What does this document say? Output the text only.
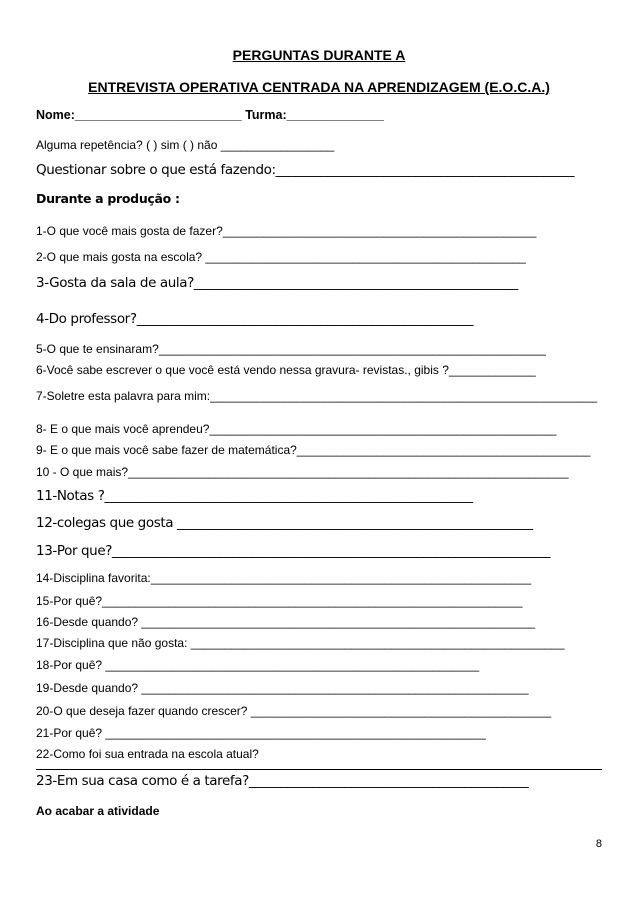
PERGUNTAS DURANTE A
ENTREVISTA OPERATIVA CENTRADA NA APRENDIZAGEM (E.O.C.A.)
Nome:________________________ Turma:______________
Alguma repetência? ( ) sim ( ) não _________________
Questionar sobre o que está fazendo:_______________________________________________
Durante a produção :
1-O que você mais gosta de fazer?_______________________________________________
2-O que mais gosta na escola? ________________________________________________
3-Gosta da sala de aula?___________________________________________________
4-Do professor?_____________________________________________________
5-O que te ensinaram?__________________________________________________________
6-Você sabe escrever o que você está vendo nessa gravura- revistas., gibis ?_____________
7-Soletre esta palavra para mim:__________________________________________________________
8- E o que mais você aprendeu?____________________________________________________
9- E o que mais você sabe fazer de matemática?____________________________________________
10 - O que mais?__________________________________________________________________
11-Notas ?__________________________________________________________
12-colegas que gosta ________________________________________________________
13-Por que?_____________________________________________________________________
14-Disciplina favorita:_________________________________________________________
15-Por quê?_______________________________________________________________
16-Desde quando? ___________________________________________________________
17-Disciplina que não gosta: ________________________________________________________
18-Por quê? ________________________________________________________
19-Desde quando? __________________________________________________________
20-O que deseja fazer quando crescer? _____________________________________________
21-Por quê? _________________________________________________________
22-Como foi sua entrada na escola atual?
23-Em sua casa como é a tarefa?____________________________________________
Ao acabar a atividade
8
